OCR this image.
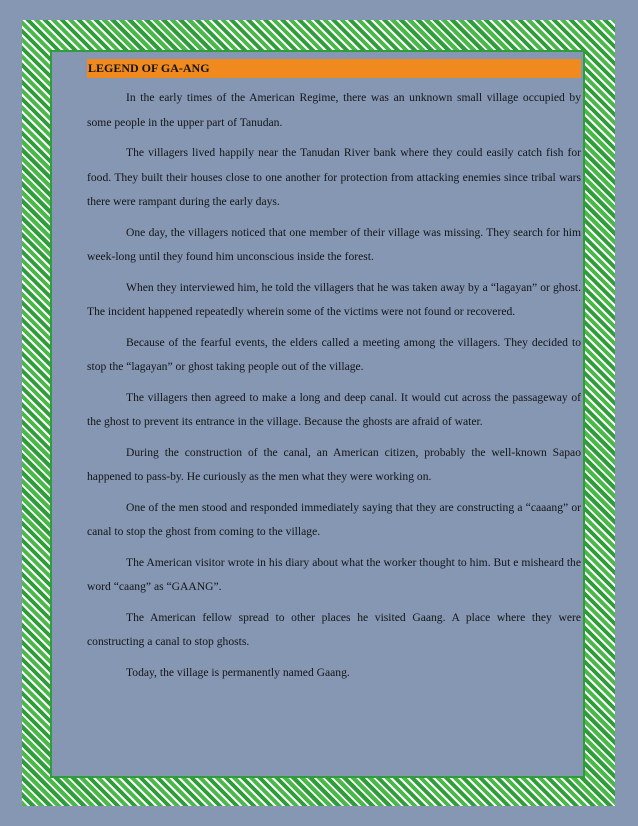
LEGEND OF GA-ANG

In the early times of the American Regime, there was an unknown small village occupied by some people in the upper part of Tanudan.

The villagers lived happily near the Tanudan River bank where they could easily catch fish for food. They built their houses close to one another for protection from attacking enemies since tribal wars there were rampant during the early days.

One day, the villagers noticed that one member of their village was missing. They search for him week-long until they found him unconscious inside the forest.

When they interviewed him, he told the villagers that he was taken away by a “lagayan” or ghost. The incident happened repeatedly wherein some of the victims were not found or recovered.

Because of the fearful events, the elders called a meeting among the villagers. They decided to stop the “lagayan” or ghost taking people out of the village.

The villagers then agreed to make a long and deep canal. It would cut across the passageway of the ghost to prevent its entrance in the village. Because the ghosts are afraid of water.

During the construction of the canal, an American citizen, probably the well-known Sapao happened to pass-by. He curiously as the men what they were working on.

One of the men stood and responded immediately saying that they are constructing a “caaang” or canal to stop the ghost from coming to the village.

The American visitor wrote in his diary about what the worker thought to him. But e misheard the word “caang” as “GAANG”.

The American fellow spread to other places he visited Gaang. A place where they were constructing a canal to stop ghosts.

Today, the village is permanently named Gaang.
